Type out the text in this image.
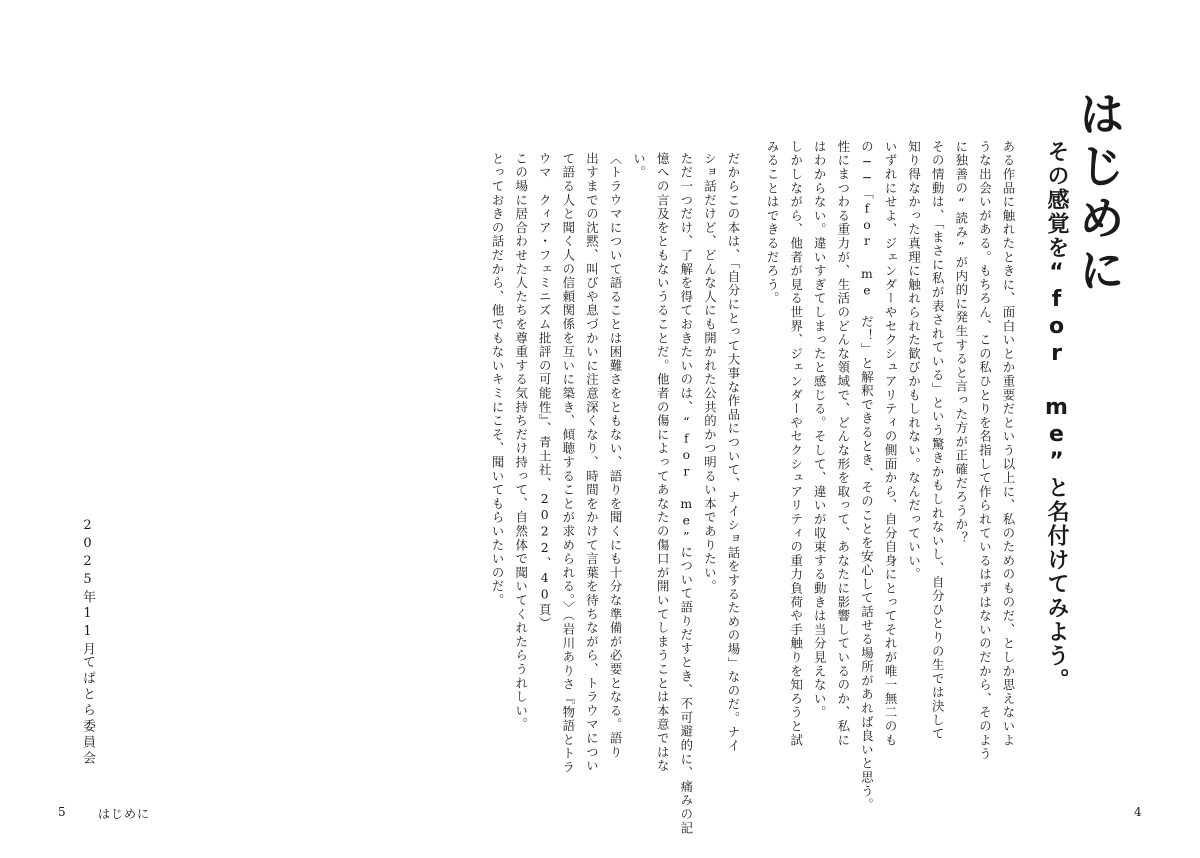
はじめに
その感覚を“for me”と名付けてみよう。
ある作品に触れたときに、面白いとか重要だという以上に、私のためのものだ、としか思えないよ
うな出会いがある。もちろん、この私ひとりを名指して作られているはずはないのだから、そのよう
に独善の“読み”が内的に発生すると言った方が正確だろうか？
その情動は、「まさに私が表されている」という驚きかもしれないし、自分ひとりの生では決して
知り得なかった真理に触れられた歓びかもしれない。なんだっていい。
いずれにせよ、ジェンダーやセクシュアリティの側面から、自分自身にとってそれが唯一無二のも
の──「for me だ！」と解釈できるとき、そのことを安心して話せる場所があれば良いと思う。
性にまつわる重力が、生活のどんな領域で、どんな形を取って、あなたに影響しているのか、私に
はわからない。違いすぎてしまったと感じる。そして、違いが収束する動きは当分見えない。
しかしながら、他者が見る世界、ジェンダーやセクシュアリティの重力負荷や手触りを知ろうと試
みることはできるだろう。
だからこの本は、「自分にとって大事な作品について、ナイショ話をするための場」なのだ。ナイ
ショ話だけど、どんな人にも開かれた公共的かつ明るい本でありたい。
ただ一つだけ、了解を得ておきたいのは、“for me”について語りだすとき、不可避的に、痛みの記
憶への言及をともないうることだ。他者の傷によってあなたの傷口が開いてしまうことは本意ではな
い。
〈トラウマについて語ることは困難さをともない、語りを聞くにも十分な準備が必要となる。語り
出すまでの沈黙、叫びや息づかいに注意深くなり、時間をかけて言葉を待ちながら、トラウマについ
て語る人と聞く人の信頼関係を互いに築き、傾聴することが求められる。〉（岩川ありさ『物語とトラ
ウマ　クィア・フェミニズム批評の可能性』、青土社、2022、40頁）
この場に居合わせた人たちを尊重する気持ちだけ持って、自然体で聞いてくれたらうれしい。
とっておきの話だから、他でもないキミにこそ、聞いてもらいたいのだ。
2025年11月
てぱとら委員会
5	はじめに	4
